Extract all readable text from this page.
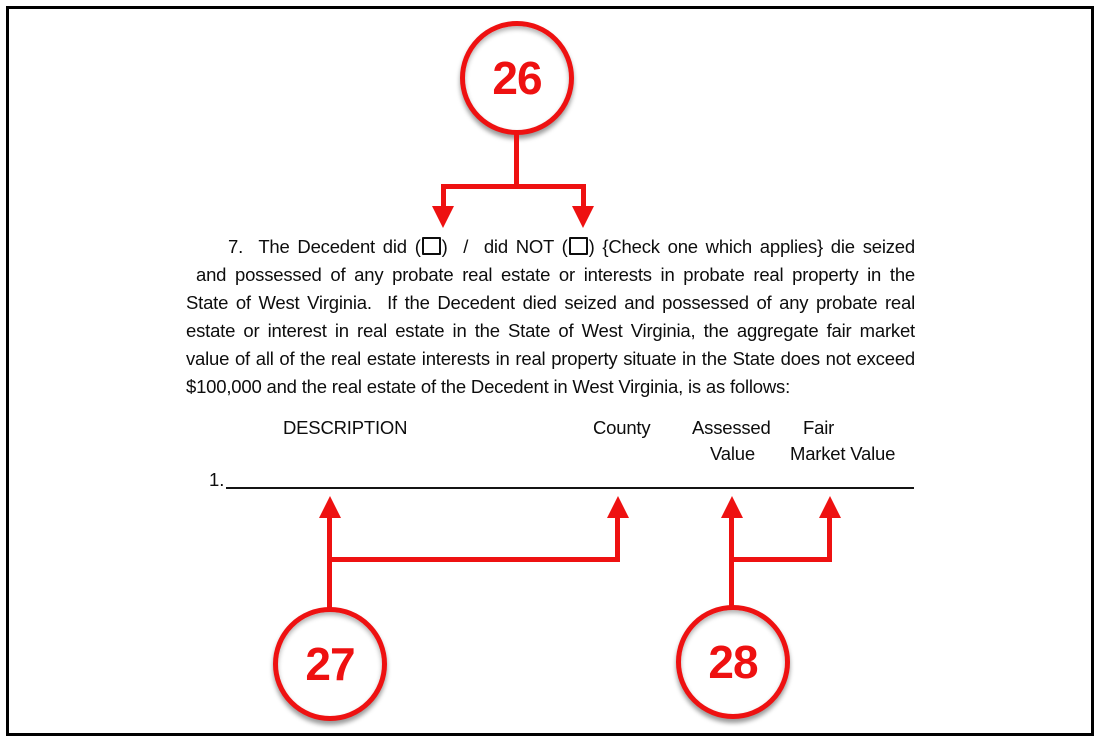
26
7.  The Decedent did ( )  /  did NOT ( ) {Check one which applies} die seized
and possessed of any probate real estate or interests in probate real property in the
State of West Virginia.  If the Decedent died seized and possessed of any probate real
estate or interest in real estate in the State of West Virginia, the aggregate fair market
value of all of the real estate interests in real property situate in the State does not exceed
$100,000 and the real estate of the Decedent in West Virginia, is as follows:
DESCRIPTION	County Assessed
Value
Fair
Market Value
1.
27	28
